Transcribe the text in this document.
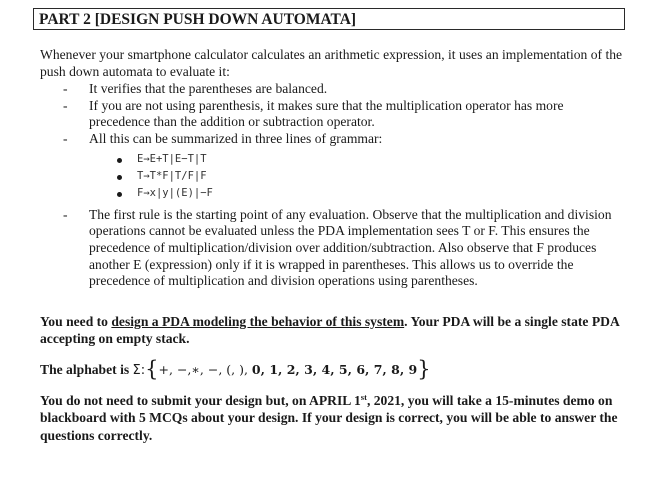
PART 2 [DESIGN PUSH DOWN AUTOMATA]

Whenever your smartphone calculator calculates an arithmetic expression, it uses an implementation of the push down automata to evaluate it:

- It verifies that the parentheses are balanced.
- If you are not using parenthesis, it makes sure that the multiplication operator has more precedence than the addition or subtraction operator.
- All this can be summarized in three lines of grammar:
E→E+T|E−T|T
T→T*F|T/F|F
F→x|y|(E)|−F
- The first rule is the starting point of any evaluation. Observe that the multiplication and division operations cannot be evaluated unless the PDA implementation sees T or F. This ensures the precedence of multiplication/division over addition/subtraction. Also observe that F produces another E (expression) only if it is wrapped in parentheses. This allows us to override the precedence of multiplication and division operations using parentheses.

You need to design a PDA modeling the behavior of this system. Your PDA will be a single state PDA accepting on empty stack.

The alphabet is Σ:{+, −,∗, −, (, ), 0, 1, 2, 3, 4, 5, 6, 7, 8, 9}

You do not need to submit your design but, on APRIL 1st, 2021, you will take a 15-minutes demo on blackboard with 5 MCQs about your design. If your design is correct, you will be able to answer the questions correctly.
